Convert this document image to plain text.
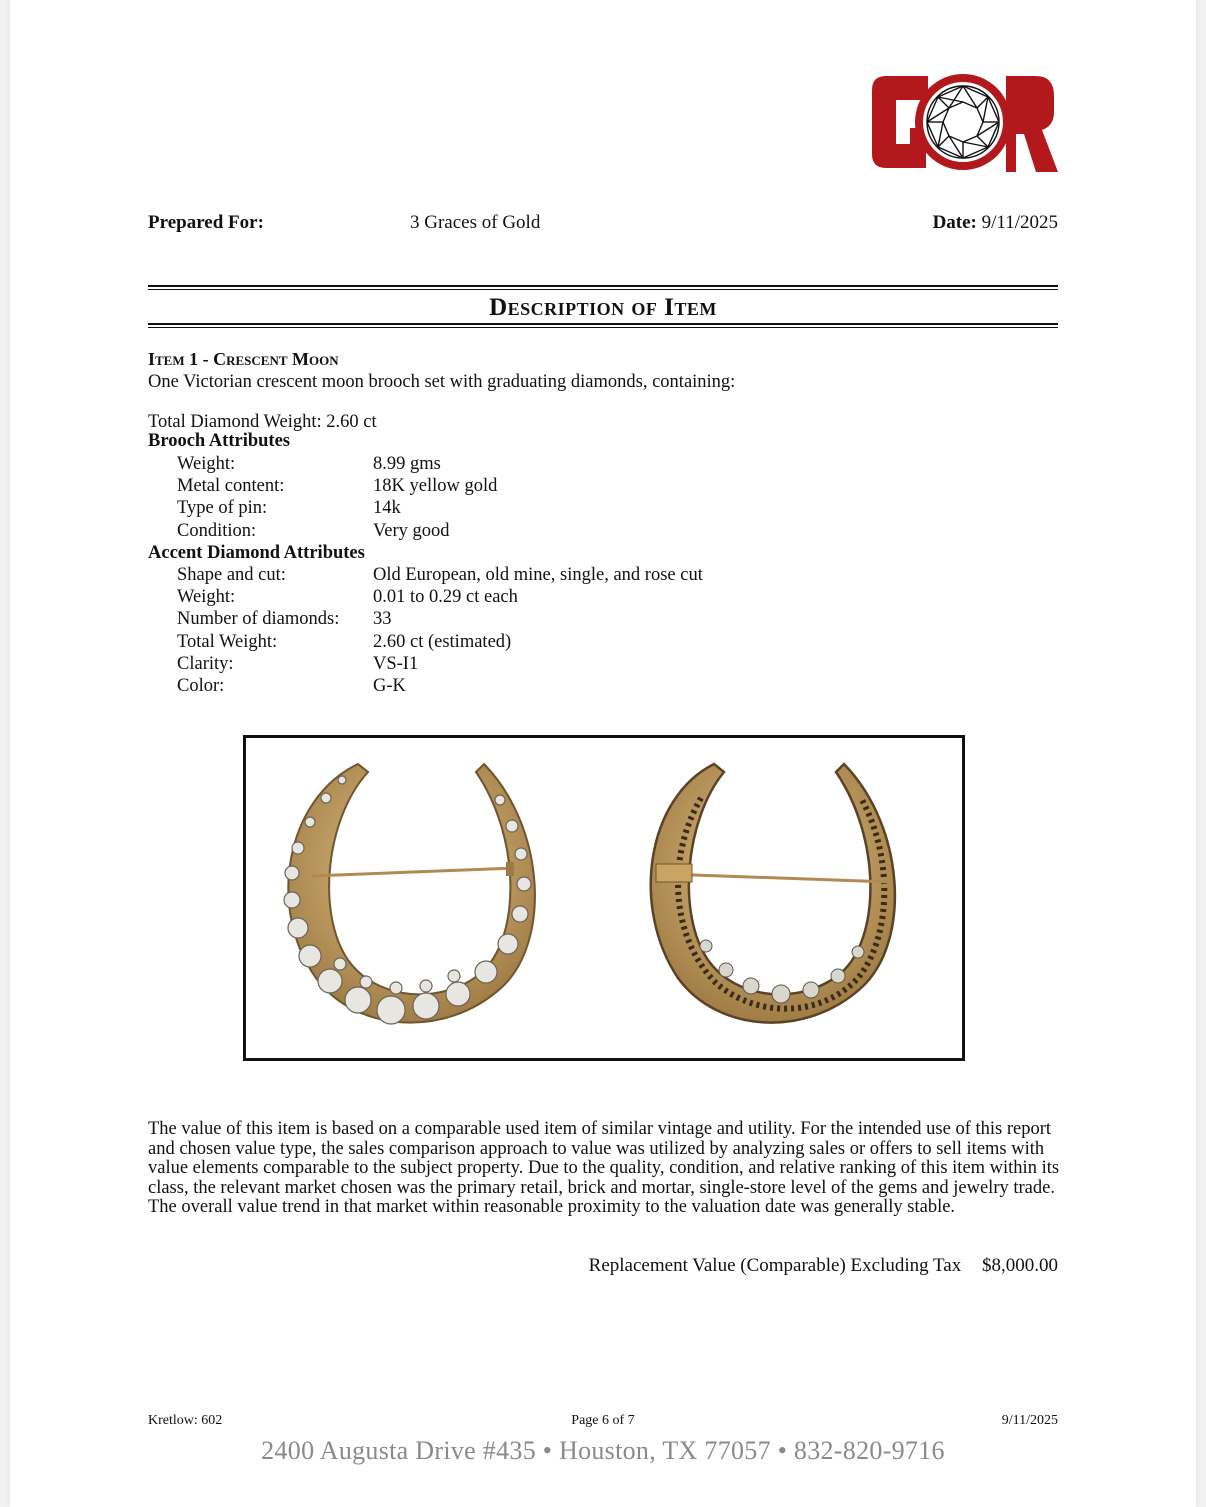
Prepared For:	3 Graces of Gold	Date: 9/11/2025
Description of Item
Item 1 - Crescent Moon
One Victorian crescent moon brooch set with graduating diamonds, containing:
Total Diamond Weight: 2.60 ct
Brooch Attributes
Weight:	8.99 gms
Metal content:	18K yellow gold
Type of pin:	14k
Condition:	Very good
Accent Diamond Attributes
Shape and cut:	Old European, old mine, single, and rose cut
Weight:	0.01 to 0.29 ct each
Number of diamonds: 33
Total Weight:	2.60 ct (estimated)
Clarity:	VS-I1
Color:	G-K
The value of this item is based on a comparable used item of similar vintage and utility. For the intended use of this report and chosen value type, the sales comparison approach to value was utilized by analyzing sales or offers to sell items with value elements comparable to the subject property. Due to the quality, condition, and relative ranking of this item within its class, the relevant market chosen was the primary retail, brick and mortar, single-store level of the gems and jewelry trade. The overall value trend in that market within reasonable proximity to the valuation date was generally stable.
Replacement Value (Comparable) Excluding Tax $8,000.00
Kretlow: 602	Page 6 of 7	9/11/2025
2400 Augusta Drive #435 • Houston, TX 77057 • 832-820-9716
